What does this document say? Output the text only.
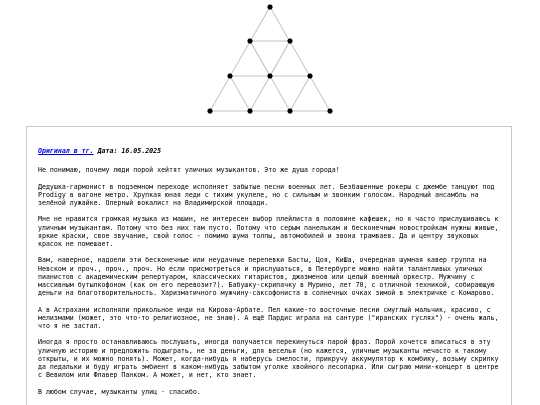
Оригинал в тг. Дата: 16.05.2025

Не понимаю, почему люди порой хейтят уличных музыкантов. Это же душа города!

Дедушка-гармонист в подземном переходе исполняет забытые песни военных лет. Безбашенные рокеры с джембе танцуют под Prodigy в вагоне метро. Хрупкая юная леди с тихим укулеле, но с сильным и звонким голосом. Народный ансамбль на зелёной лужайке. Оперный вокалист на Владимирской площади.

Мне не нравится громкая музыка из машин, не интересен выбор плейлиста в половине кафешек, но я часто прислушиваюсь к уличным музыкантам. Потому что без них там пусто. Потому что серым панелькам и бесконечным новостройкам нужны живые, яркие краски, свое звучание, свой голос - помимо шума толпы, автомобилей и звона трамваев. Да и центру звуковых красок не помешает.

Вам, наверное, надоели эти бесконечные или неудачные перепевки Басты, Цоя, КиШа, очередная шумная кавер группа на Невском и проч., проч., проч. Но если присмотреться и прислушаться, в Петербурге можно найти талантливых уличных пианистов с академическим репертуаром, классических гитаристов, джазменов или целый военный оркестр. Мужчину с массивным бутылкофоном (как он его перевозит?). Бабушку-скрипачку в Мурино, лет 70, с отличной техникой, собирающую деньги на благотворительность. Харизматичного мужчину-саксофониста в солнечных очках зимой в электричке с Комарово.

А в Астрахани исполняли прикольное инди на Кирова-Арбате. Пел какие-то восточные песни смуглый мальчик, красиво, с мелизмами (может, это что-то религиозное, не знаю). А ещё Пардис играла на сантуре ("иранских гуслях") - очень жаль, что я не застал.

Иногда я просто останавливаюсь послушать, иногда получается перекинуться парой фраз. Порой хочется вписаться в эту уличную историю и предложить подыграть, не за деньги, для веселья (но кажется, уличные музыканты нечасто к такому открыты, и их можно понять). Может, когда-нибудь я наберусь смелости, прикручу аккумулятор к комбику, возьму скрипку да педальки и буду играть эмбиент в каком-нибудь забытом уголке хвойного лесопарка. Или сыграю мини-концерт в центре с Вевилом или Флавер Панком. А может, и нет, кто знает.

В любом случае, музыканты улиц - спасибо.
